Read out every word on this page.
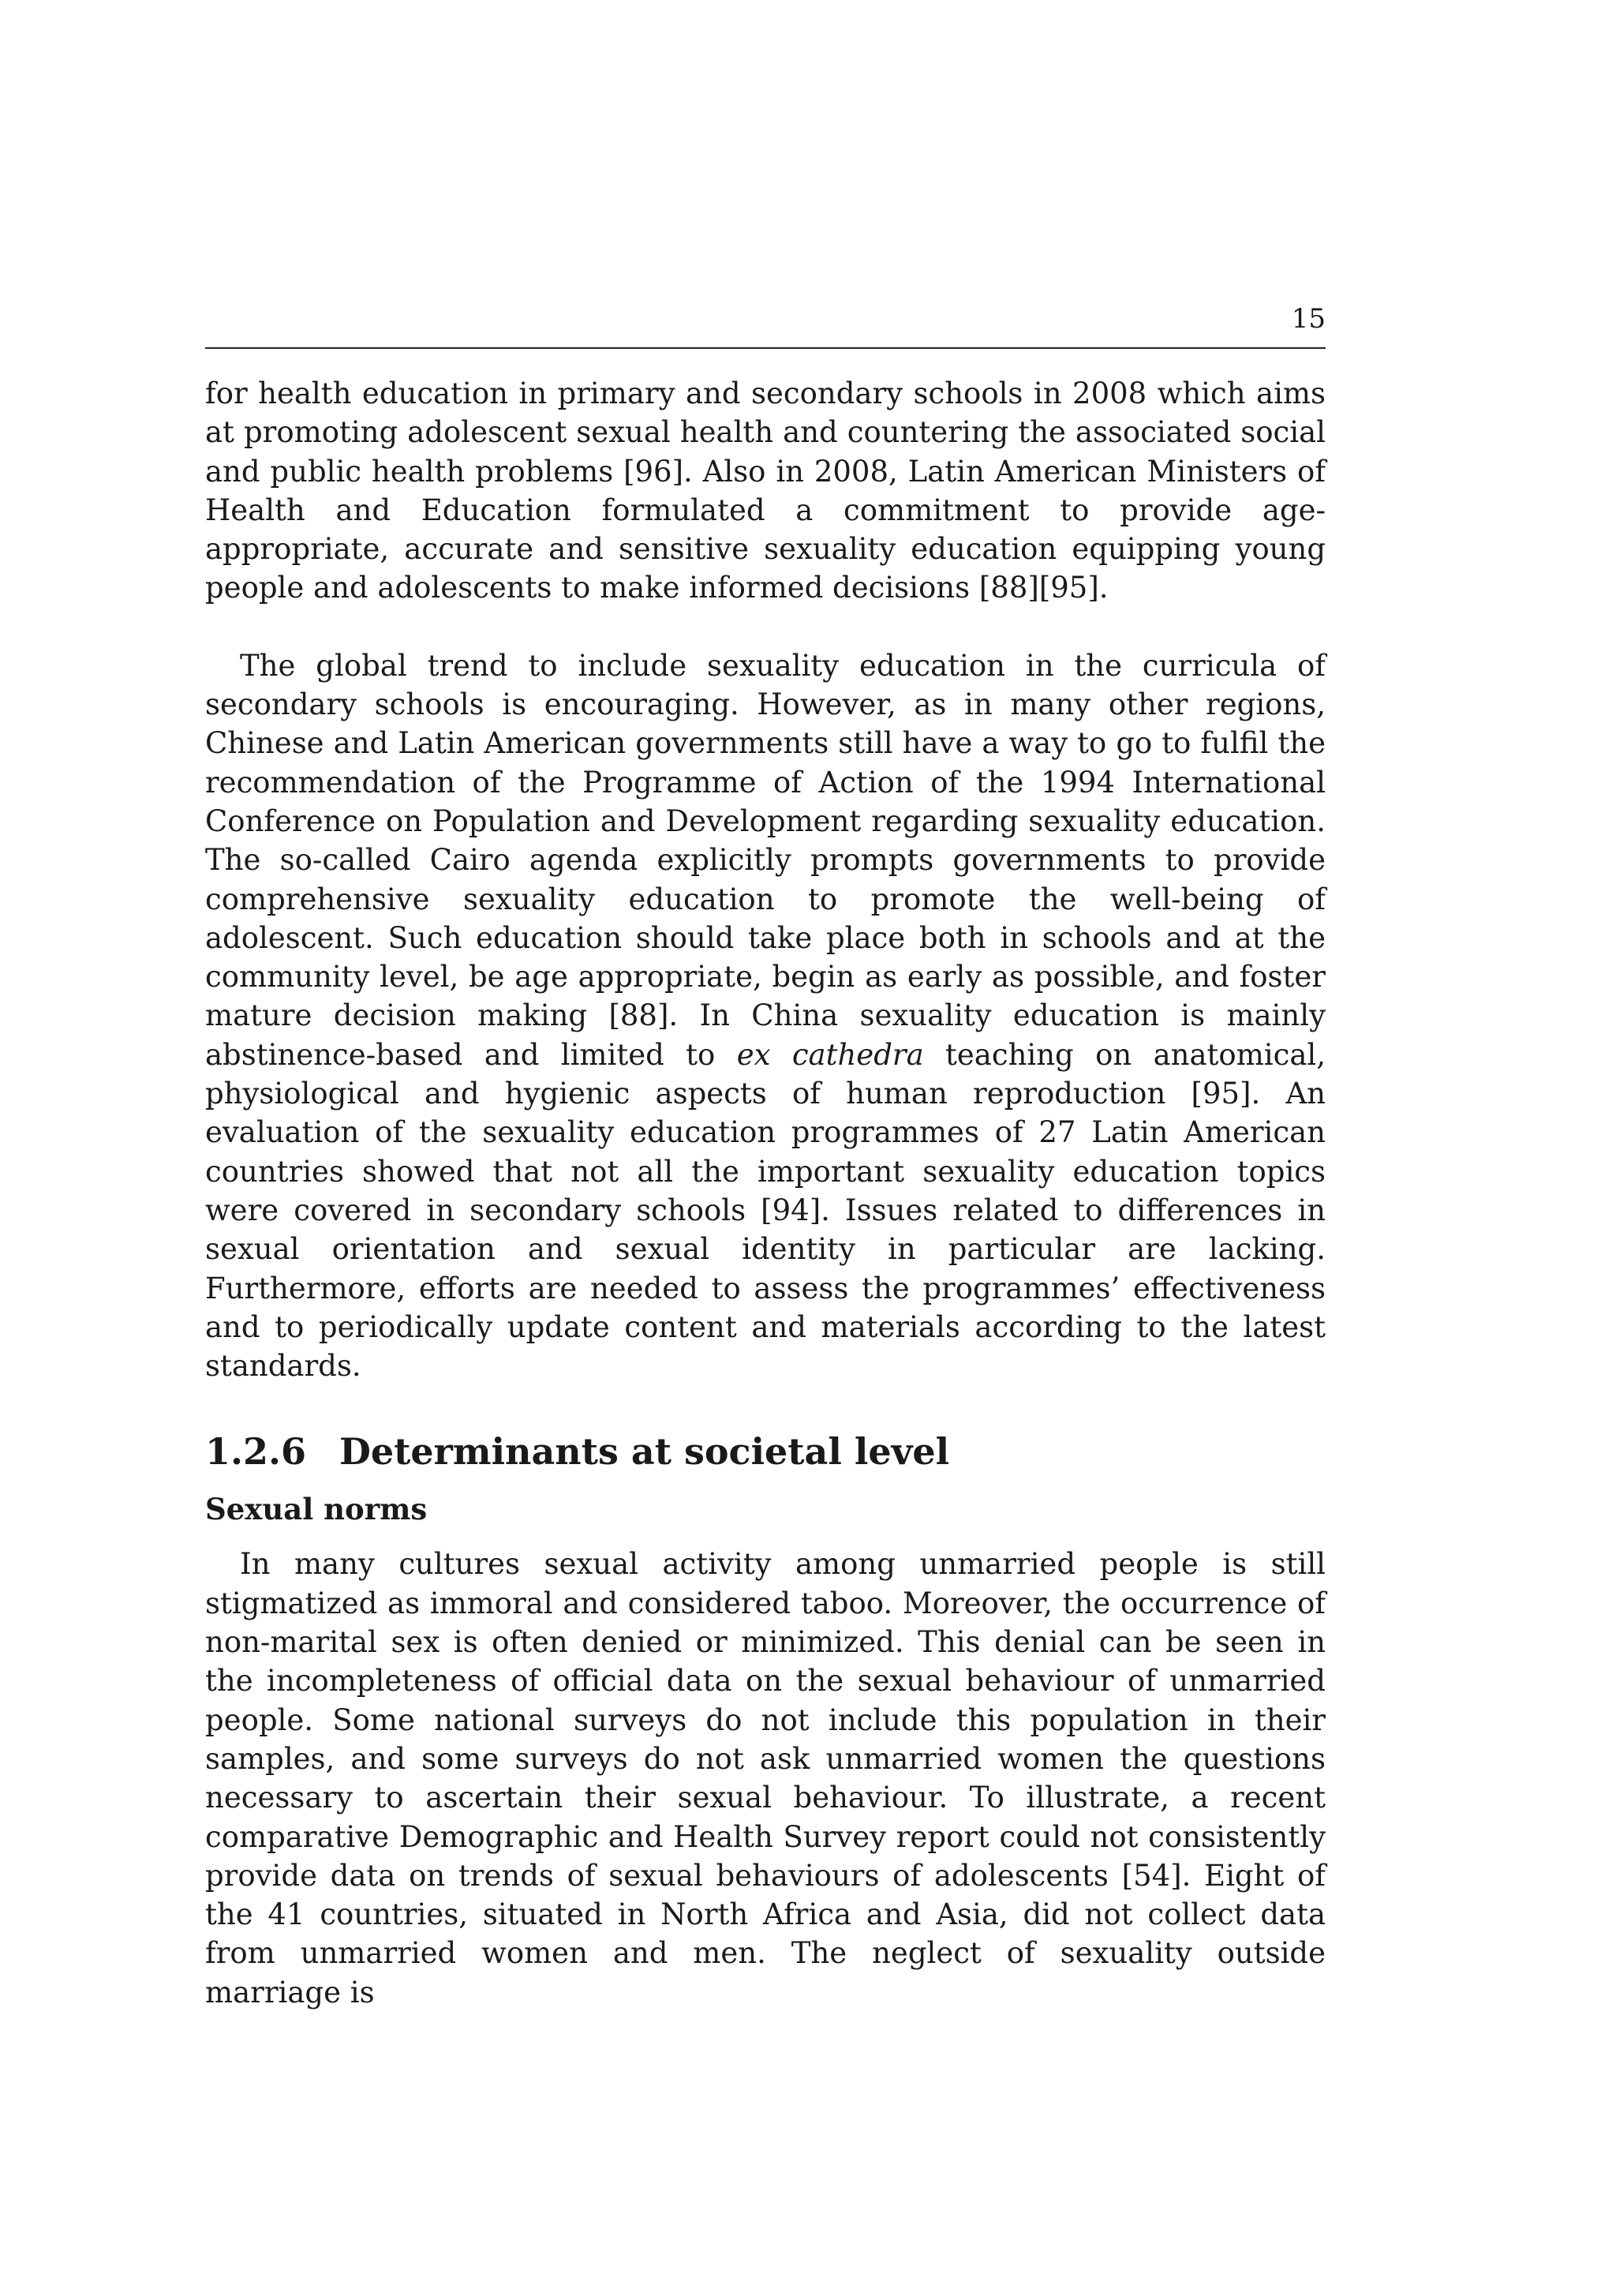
15

for health education in primary and secondary schools in 2008 which aims at promoting adolescent sexual health and countering the associated social and public health problems [96]. Also in 2008, Latin American Ministers of Health and Education formulated a commitment to provide age-appropriate, accurate and sensitive sexuality education equipping young people and adolescents to make informed decisions [88][95].

The global trend to include sexuality education in the curricula of secondary schools is encouraging. However, as in many other regions, Chinese and Latin American governments still have a way to go to fulfil the recommendation of the Programme of Action of the 1994 International Conference on Population and Development regarding sexuality education. The so-called Cairo agenda explicitly prompts governments to provide comprehensive sexuality education to promote the well-being of adolescent. Such education should take place both in schools and at the community level, be age appropriate, begin as early as possible, and foster mature decision making [88]. In China sexuality education is mainly abstinence-based and limited to ex cathedra teaching on anatomical, physiological and hygienic aspects of human reproduction [95]. An evaluation of the sexuality education programmes of 27 Latin American countries showed that not all the important sexuality education topics were covered in secondary schools [94]. Issues related to differences in sexual orientation and sexual identity in particular are lacking. Furthermore, efforts are needed to assess the programmes’ effectiveness and to periodically update content and materials according to the latest standards.

1.2.6 Determinants at societal level
Sexual norms

In many cultures sexual activity among unmarried people is still stigmatized as immoral and considered taboo. Moreover, the occurrence of non-marital sex is often denied or minimized. This denial can be seen in the incompleteness of official data on the sexual behaviour of unmarried people. Some national surveys do not include this population in their samples, and some surveys do not ask unmarried women the questions necessary to ascertain their sexual behaviour. To illustrate, a recent comparative Demographic and Health Survey report could not consistently provide data on trends of sexual behaviours of adolescents [54]. Eight of the 41 countries, situated in North Africa and Asia, did not collect data from unmarried women and men. The neglect of sexuality outside marriage is
